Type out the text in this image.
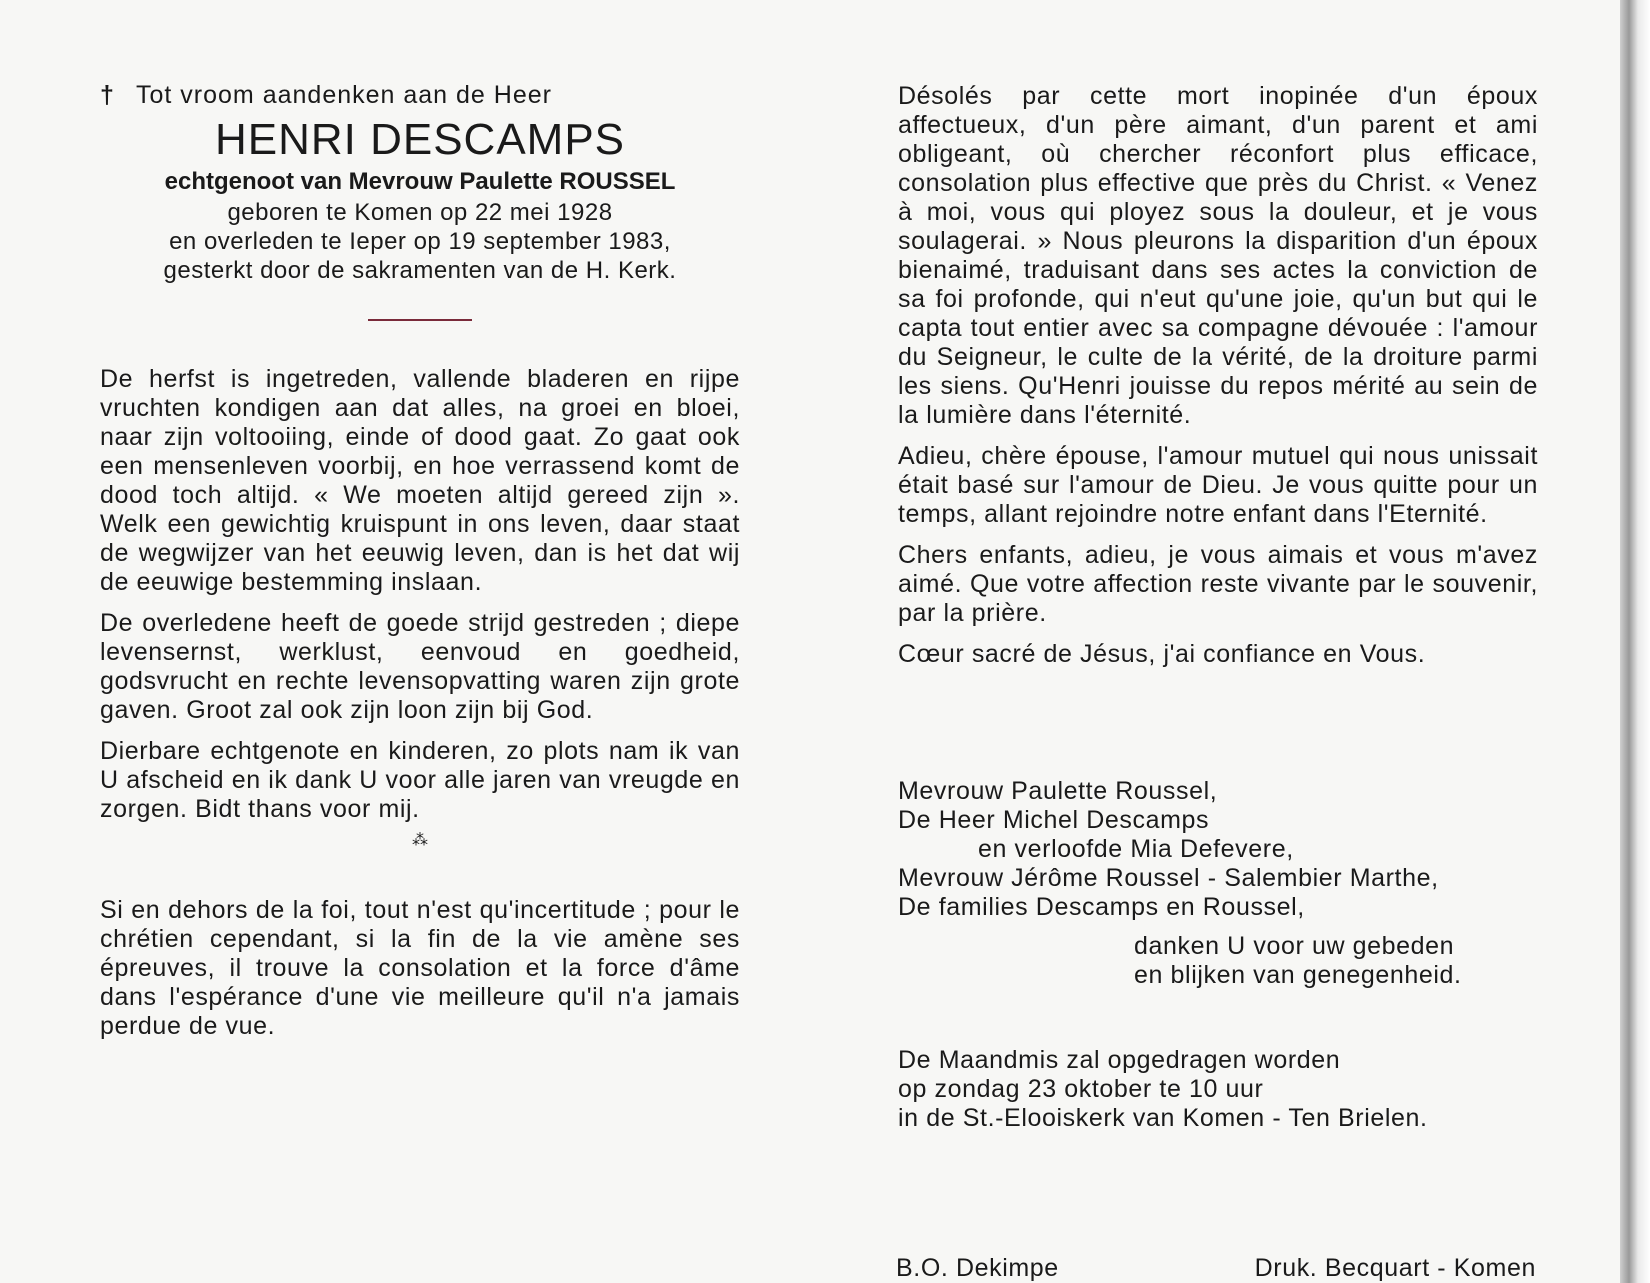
† Tot vroom aandenken aan de Heer
HENRI DESCAMPS
echtgenoot van Mevrouw Paulette ROUSSEL
geboren te Komen op 22 mei 1928
en overleden te Ieper op 19 september 1983,
gesterkt door de sakramenten van de H. Kerk.

De herfst is ingetreden, vallende bladeren en rijpe vruchten kondigen aan dat alles, na groei en bloei, naar zijn voltooiing, einde of dood gaat. Zo gaat ook een mensenleven voorbij, en hoe verrassend komt de dood toch altijd. « We moeten altijd gereed zijn ». Welk een gewichtig kruispunt in ons leven, daar staat de wegwijzer van het eeuwig leven, dan is het dat wij de eeuwige bestemming inslaan.

De overledene heeft de goede strijd gestreden ; diepe levensernst, werklust, eenvoud en goedheid, godsvrucht en rechte levensopvatting waren zijn grote gaven. Groot zal ook zijn loon zijn bij God.

Dierbare echtgenote en kinderen, zo plots nam ik van U afscheid en ik dank U voor alle jaren van vreugde en zorgen. Bidt thans voor mij.

⁂

Si en dehors de la foi, tout n'est qu'incertitude ; pour le chrétien cependant, si la fin de la vie amène ses épreuves, il trouve la consolation et la force d'âme dans l'espérance d'une vie meilleure qu'il n'a jamais perdue de vue.

Désolés par cette mort inopinée d'un époux affectueux, d'un père aimant, d'un parent et ami obligeant, où chercher réconfort plus efficace, consolation plus effective que près du Christ. « Venez à moi, vous qui ployez sous la douleur, et je vous soulagerai. » Nous pleurons la disparition d'un époux bienaimé, traduisant dans ses actes la conviction de sa foi profonde, qui n'eut qu'une joie, qu'un but qui le capta tout entier avec sa compagne dévouée : l'amour du Seigneur, le culte de la vérité, de la droiture parmi les siens. Qu'Henri jouisse du repos mérité au sein de la lumière dans l'éternité.

Adieu, chère épouse, l'amour mutuel qui nous unissait était basé sur l'amour de Dieu. Je vous quitte pour un temps, allant rejoindre notre enfant dans l'Eternité.

Chers enfants, adieu, je vous aimais et vous m'avez aimé. Que votre affection reste vivante par le souvenir, par la prière.

Cœur sacré de Jésus, j'ai confiance en Vous.

Mevrouw Paulette Roussel,
De Heer Michel Descamps
en verloofde Mia Defevere,
Mevrouw Jérôme Roussel - Salembier Marthe,
De families Descamps en Roussel,
danken U voor uw gebeden
en blijken van genegenheid.
De Maandmis zal opgedragen worden
op zondag 23 oktober te 10 uur
in de St.-Elooiskerk van Komen - Ten Brielen.
B.O. Dekimpe	Druk. Becquart - Komen
